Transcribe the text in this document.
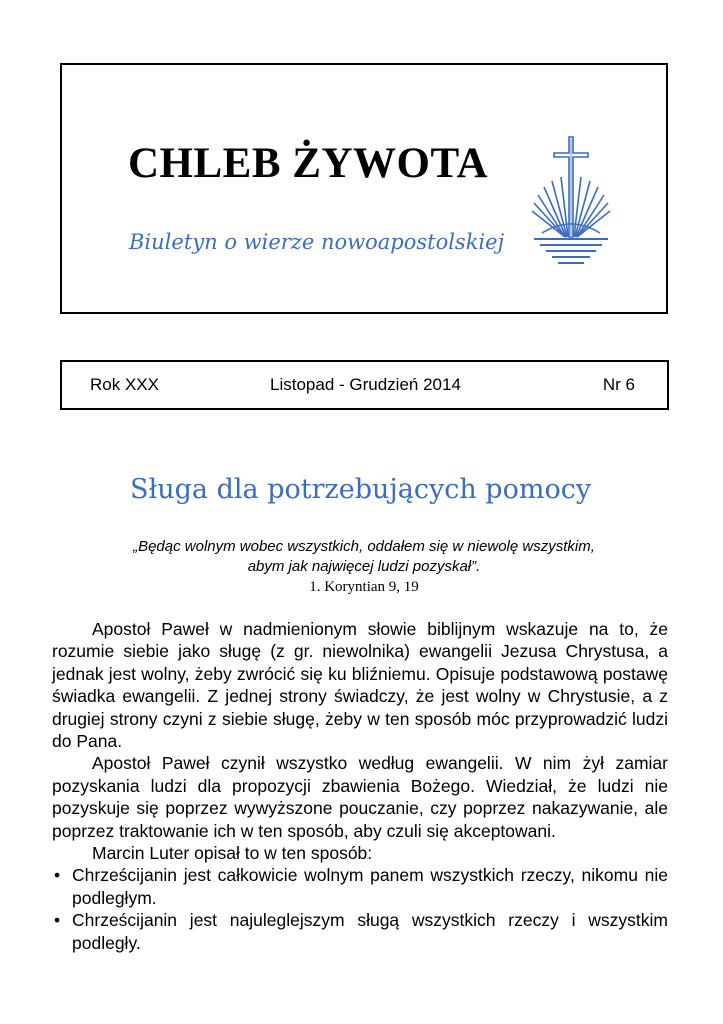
CHLEB ŻYWOTA
Biuletyn o wierze nowoapostolskiej
Rok XXX	Listopad - Grudzień 2014	Nr 6
Sługa dla potrzebujących pomocy
„Będąc wolnym wobec wszystkich, oddałem się w niewolę wszystkim,
abym jak najwięcej ludzi pozyskał”.
1. Koryntian 9, 19

Apostoł Paweł w nadmienionym słowie biblijnym wskazuje na to, że rozumie siebie jako sługę (z gr. niewolnika) ewangelii Jezusa Chrystusa, a jednak jest wolny, żeby zwrócić się ku bliźniemu. Opisuje podstawową postawę świadka ewangelii. Z jednej strony świadczy, że jest wolny w Chrystusie, a z drugiej strony czyni z siebie sługę, żeby w ten sposób móc przyprowadzić ludzi do Pana.

Apostoł Paweł czynił wszystko według ewangelii. W nim żył zamiar pozyskania ludzi dla propozycji zbawienia Bożego. Wiedział, że ludzi nie pozyskuje się poprzez wywyższone pouczanie, czy poprzez nakazywanie, ale poprzez traktowanie ich w ten sposób, aby czuli się akceptowani.

Marcin Luter opisał to w ten sposób:

• Chrześcijanin jest całkowicie wolnym panem wszystkich rzeczy, nikomu nie podległym.
• Chrześcijanin jest najuleglejszym sługą wszystkich rzeczy i wszystkim podległy.
